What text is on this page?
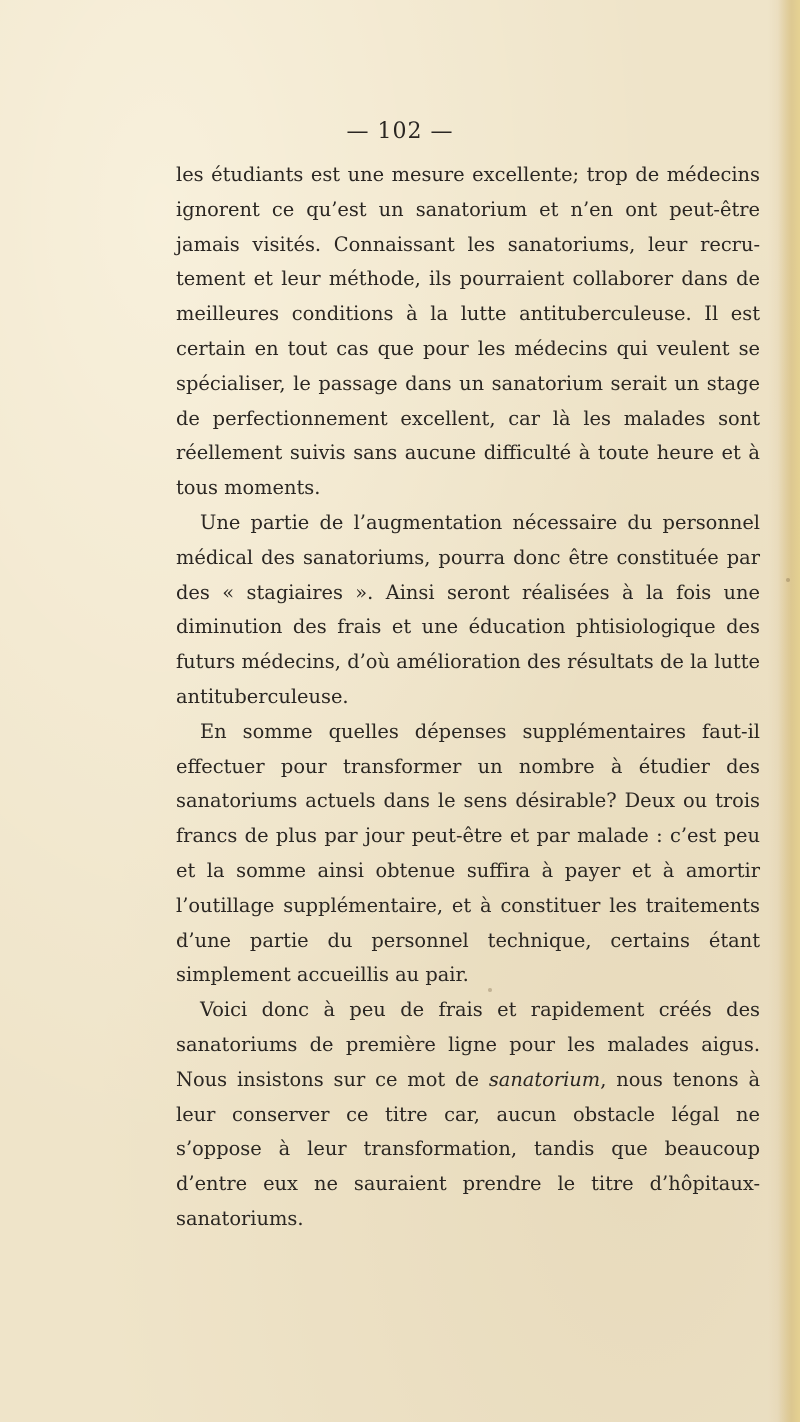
— 102 —

les étudiants est une mesure excellente; trop de médecins ignorent ce qu’est un sanatorium et n’en ont peut-être jamais visités. Connaissant les sanatoriums, leur recru-tement et leur méthode, ils pourraient collaborer dans de meilleures conditions à la lutte antituberculeuse. Il est certain en tout cas que pour les médecins qui veulent se spécialiser, le passage dans un sanatorium serait un stage de perfectionnement excellent, car là les malades sont réellement suivis sans aucune difficulté à toute heure et à tous moments.

Une partie de l’augmentation nécessaire du personnel médical des sanatoriums, pourra donc être constituée par des « stagiaires ». Ainsi seront réalisées à la fois une diminution des frais et une éducation phtisiologique des futurs médecins, d’où amélioration des résultats de la lutte antituberculeuse.

En somme quelles dépenses supplémentaires faut-il effectuer pour transformer un nombre à étudier des sanatoriums actuels dans le sens désirable? Deux ou trois francs de plus par jour peut-être et par malade : c’est peu et la somme ainsi obtenue suffira à payer et à amortir l’outillage supplémentaire, et à constituer les traitements d’une partie du personnel technique, certains étant simplement accueillis au pair.

Voici donc à peu de frais et rapidement créés des sanatoriums de première ligne pour les malades aigus. Nous insistons sur ce mot de sanatorium, nous tenons à leur conserver ce titre car, aucun obstacle légal ne s’oppose à leur transformation, tandis que beaucoup d’entre eux ne sauraient prendre le titre d’hôpitaux-sanatoriums.
